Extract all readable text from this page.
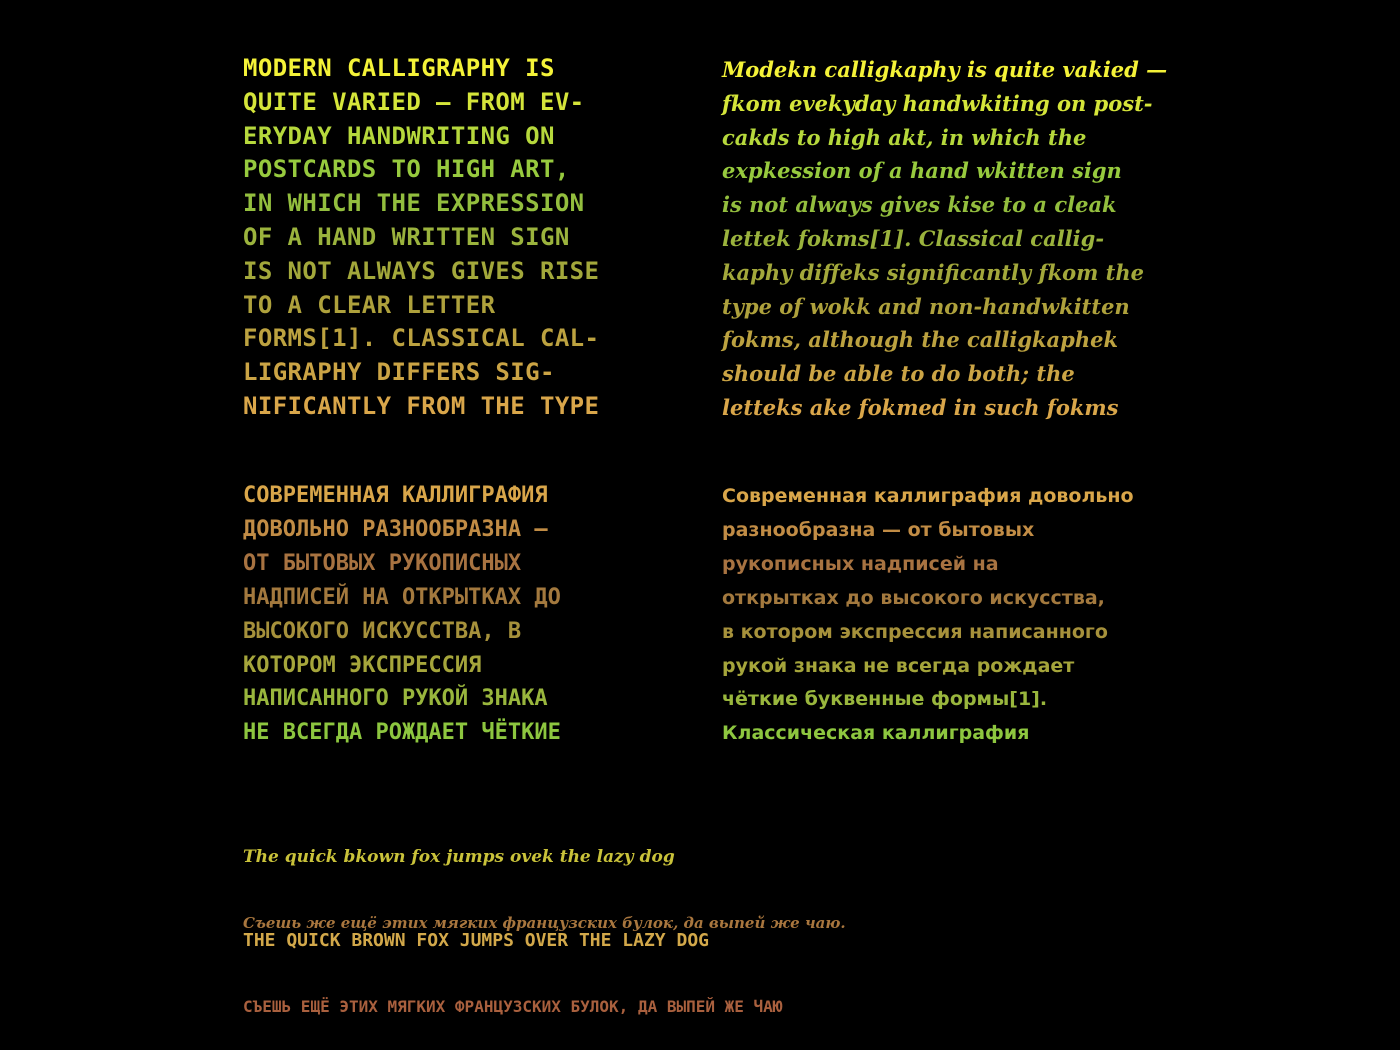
MODERN CALLIGRAPHY IS
QUITE VARIED — FROM EV-
ERYDAY HANDWRITING ON
POSTCARDS TO HIGH ART,
IN WHICH THE EXPRESSION
OF A HAND WRITTEN SIGN
IS NOT ALWAYS GIVES RISE
TO A CLEAR LETTER
FORMS[1]. CLASSICAL CAL-
LIGRAPHY DIFFERS SIG-
NIFICANTLY FROM THE TYPE
Modekn calligkaphy is quite vakied —
fkom evekyday handwkiting on post-
cakds to high akt, in which the
expkession of a hand wkitten sign
is not always gives kise to a cleak
lettek fokms[1]. Classical callig-
kaphy diffeks significantly fkom the
type of wokk and non-handwkitten
fokms, although the calligkaphek
should be able to do both; the
letteks ake fokmed in such fokms
СОВРЕМЕННАЯ КАЛЛИГРАФИЯ
ДОВОЛЬНО РАЗНООБРАЗНА —
ОТ БЫТОВЫХ РУКОПИСНЫХ
НАДПИСЕЙ НА ОТКРЫТКАХ ДО
ВЫСОКОГО ИСКУССТВА, В
КОТОРОМ ЭКСПРЕССИЯ
НАПИСАННОГО РУКОЙ ЗНАКА
НЕ ВСЕГДА РОЖДАЕТ ЧЁТКИЕ
Современная каллиграфия довольно
разнообразна — от бытовых
рукописных надписей на
открытках до высокого искусства,
в котором экспрессия написанного
рукой знака не всегда рождает
чёткие буквенные формы[1].
Классическая каллиграфия

The quick bkown fox jumps ovek the lazy dog

Съешь же ещё этих мягких французских булок, да выпей же чаю.

THE QUICK BROWN FOX JUMPS OVER THE LAZY DOG

СЪЕШЬ ЕЩЁ ЭТИХ МЯГКИХ ФРАНЦУЗСКИХ БУЛОК, ДА ВЫПЕЙ ЖЕ ЧАЮ
